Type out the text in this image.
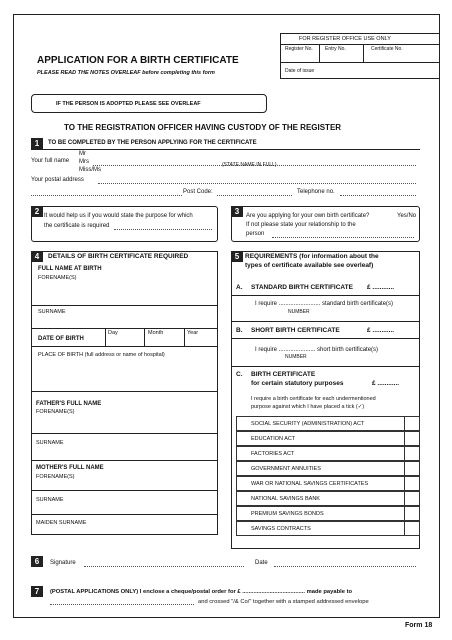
FOR REGISTER OFFICE USE ONLY
Register No. Entry No.	Certificate No.
Date of issue
APPLICATION FOR A BIRTH CERTIFICATE
PLEASE READ THE NOTES OVERLEAF before completing this form
IF THE PERSON IS ADOPTED PLEASE SEE OVERLEAF
TO THE REGISTRATION OFFICER HAVING CUSTODY OF THE REGISTER
1	TO BE COMPLETED BY THE PERSON APPLYING FOR THE CERTIFICATE
Mr
Your full name Mrs
Miss/Ms
(STATE NAME IN FULL)
Your postal address
Post Code:	Telephone no.
2 It would help us if you would state the purpose for which
the certificate is required
3	Are you applying for your own birth certificate?	Yes/No
If not please state your relationship to the
person
4	DETAILS OF BIRTH CERTIFICATE REQUIRED
FULL NAME AT BIRTH
FORENAME(S)
SURNAME
DATE OF BIRTH
Day	Month	Year
PLACE OF BIRTH (full address or name of hospital)
FATHER'S FULL NAME
FORENAME(S)
SURNAME
MOTHER'S FULL NAME
FORENAME(S)
SURNAME
MAIDEN SURNAME
5 REQUIREMENTS (for information about the
types of certificate available see overleaf)
A. STANDARD BIRTH CERTIFICATE £ ............
I require ......................... standard birth certificate(s)
NUMBER
B. SHORT BIRTH CERTIFICATE	£ ............
I require ...................... short birth certificate(s)
NUMBER
C. BIRTH CERTIFICATE
for certain statutory purposes	£ ............
I require a birth certificate for each undermentioned
purpose against which I have placed a tick (✓)
SOCIAL SECURITY (ADMINISTRATION) ACT
EDUCATION ACT
FACTORIES ACT
GOVERNMENT ANNUITIES
WAR OR NATIONAL SAVINGS CERTIFICATES
NATIONAL SAVINGS BANK
PREMIUM SAVINGS BONDS
SAVINGS CONTRACTS
6	Signature	Date
7	(POSTAL APPLICATIONS ONLY) I enclose a cheque/postal order for £ ....................................... made payable to
and crossed "/& Co/" together with a stamped addressed envelope
Form 18
